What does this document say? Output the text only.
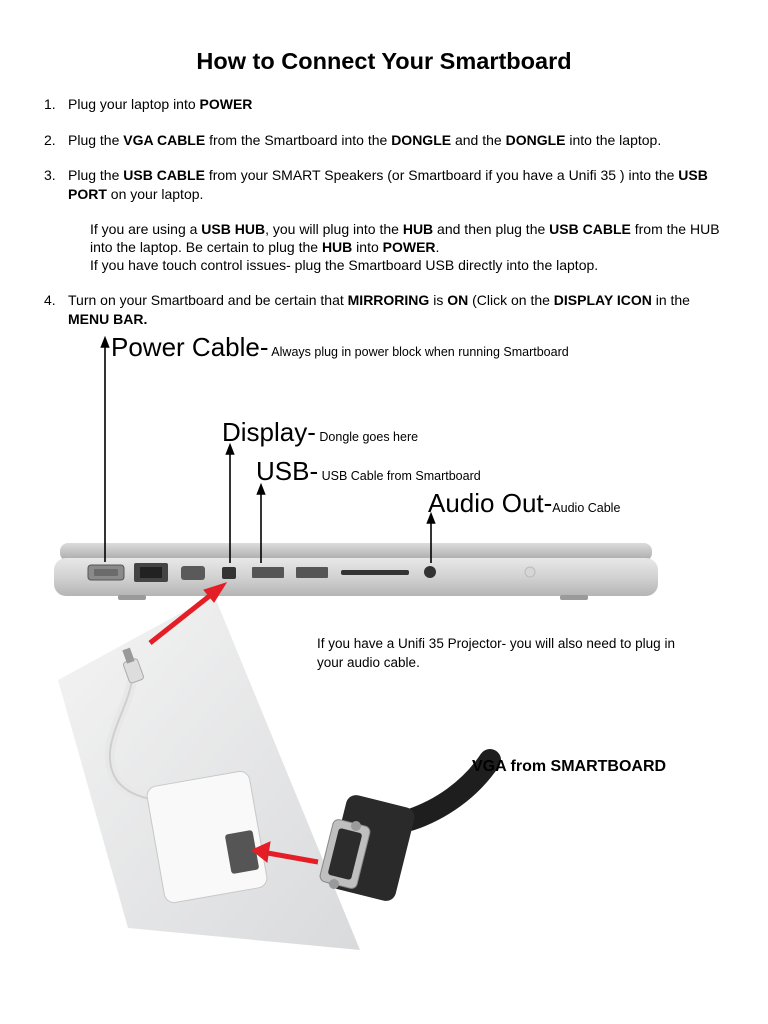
How to Connect Your Smartboard
1. Plug your laptop into POWER
2. Plug the VGA CABLE from the Smartboard into the DONGLE and the DONGLE into the laptop.
3. Plug the USB CABLE from your SMART Speakers (or Smartboard if you have a Unifi 35 ) into the USB PORT on your laptop.
If you are using a USB HUB, you will plug into the HUB and then plug the USB CABLE from the HUB into the laptop. Be certain to plug the HUB into POWER.
If you have touch control issues- plug the Smartboard USB directly into the laptop.
4. Turn on your Smartboard and be certain that MIRRORING is ON (Click on the DISPLAY ICON in the MENU BAR.
Power Cable- Always plug in power block when running Smartboard
Display- Dongle goes here
USB- USB Cable from Smartboard
Audio Out-Audio Cable
If you have a Unifi 35 Projector- you will also need to plug in your audio cable.
VGA from SMARTBOARD
